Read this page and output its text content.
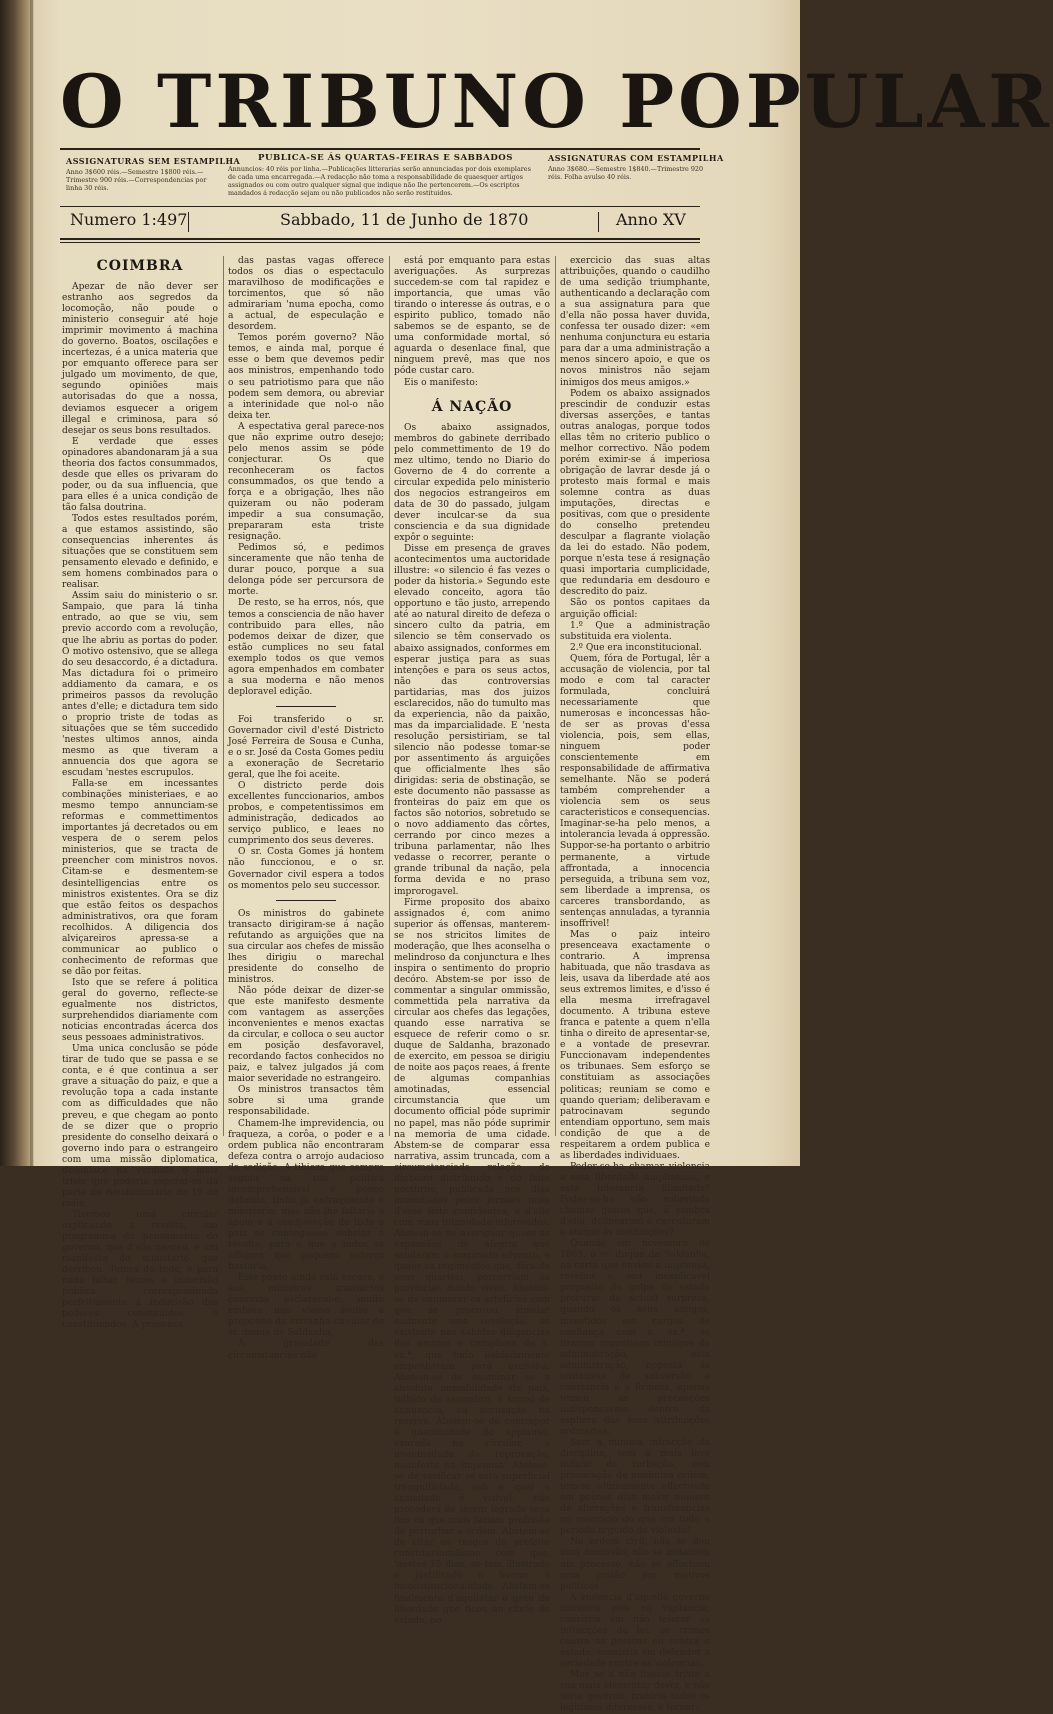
O TRIBUNO POPULAR
ASSIGNATURAS SEM ESTAMPILHA PUBLICA-SE ÁS QUARTAS-FEIRAS E SABBADOS	ASSIGNATURAS COM ESTAMPILHA
Anno 3$600 réis.—Semestre 1$800 réis.—Trimestre 900 réis.—Correspondencias por linha 30 réis.
Annuncios: 40 réis por linha.—Publicações litterarias serão annunciadas por dois exemplares de cada uma encarregada.—A redacção não toma a responsabilidade de quaesquer artigos assignados ou com outro qualquer signal que indique não lhe pertencerem.—Os escriptos mandados á redacção sejam ou não publicados não serão restituidos.
Anno 3$680.—Semestre 1$840.—Trimestre 920 réis. Folha avulso 40 réis.
Numero 1:497	Sabbado, 11 de Junho de 1870	Anno XV

COIMBRA

Apezar de não dever ser estranho aos segredos da locomoção, não poude o ministerio conseguir até hoje imprimir movimento á machina do governo. Boatos, oscilações e incertezas, é a unica materia que por emquanto offerece para ser julgado um movimento, de que, segundo opiniões mais autorisadas do que a nossa, deviamos esquecer a origem illegal e criminosa, para só desejar os seus bons resultados.

E verdade que esses opinadores abandonaram já a sua theoria dos factos consummados, desde que elles os privaram do poder, ou da sua influencia, que para elles é a unica condição de tão falsa doutrina.

Todos estes resultados porém, a que estamos assistindo, são consequencias inherentes ás situações que se constituem sem pensamento elevado e definido, e sem homens combinados para o realisar.

Assim saiu do ministerio o sr. Sampaio, que para lá tinha entrado, ao que se viu, sem previo accordo com a revolução, que lhe abriu as portas do poder. O motivo ostensivo, que se allega do seu desaccordo, é a dictadura. Mas dictadura foi o primeiro addiamento da camara, e os primeiros passos da revolução antes d'elle; e dictadura tem sido o proprio triste de todas as situações que se têm succedido 'nestes ultimos annos, ainda mesmo as que tiveram a annuencia dos que agora se escudam 'nestes escrupulos.

Falla-se em incessantes combinações ministeriaes, e ao mesmo tempo annunciam-se reformas e commettimentos importantes já decretados ou em vespera de o serem pelos ministerios, que se tracta de preencher com ministros novos. Citam-se e desmentem-se desintelligencias entre os ministros existentes. Ora se diz que estão feitos os despachos administrativos, ora que foram recolhidos. A diligencia dos alviçareiros apressa-se a communicar ao publico o conhecimento de reformas que se dão por feitas.

Isto que se refere á politica geral do governo, reflecte-se egualmente nos districtos, surprehendidos diariamente com noticias encontradas ácerca dos seus pessoaes administrativos.

Uma unica conclusão se póde tirar de tudo que se passa e se conta, e é que continua a ser grave a situação do paiz, e que a revolução topa a cada instante com as difficuldades que não preveu, e que chegam ao ponto de se dizer que o proprio presidente do conselho deixará o governo indo para o estrangeiro com uma missão diplomatica, desenlace na verdade o mais triste que poderia esperar-se da parte do revolucionario de 19 de maio.

Tivemos uma circular explicando a revolta, um programma do pensamento do governo, que d'ella nasceu, e um manifesto do ministerio que derribou. Temos de tudo, e para nada faltar, temos a indecisão publica correspondendo perfeitamente á indecisão dos poderes constituidos e constituendos. A presença

das pastas vagas offerece todos os dias o espectaculo maravilhoso de modificações e torcimentos, que só não admirariam 'numa epocha, como a actual, de especulação e desordem.

Temos porém governo? Não temos, e ainda mal, porque é esse o bem que devemos pedir aos ministros, empenhando todo o seu patriotismo para que não podem sem demora, ou abreviar a interinidade que nol-o não deixa ter.

A espectativa geral parece-nos que não exprime outro desejo; pelo menos assim se póde conjecturar. Os que reconheceram os factos consummados, os que tendo a força e a obrigação, lhes não quizeram ou não poderam impedir a sua consumação, prepararam esta triste resignação.

Pedimos só, e pedimos sinceramente que não tenha de durar pouco, porque a sua delonga póde ser percursora de morte.

De resto, se ha erros, nós, que temos a consciencia de não haver contribuido para elles, não podemos deixar de dizer, que estão cumplices no seu fatal exemplo todos os que vemos agora empenhados em combater a sua moderna e não menos deploravel edição.

Foi transferido o sr. Governador civil d'esté Districto José Ferreira de Sousa e Cunha, e o sr. José da Costa Gomes pediu a exoneração de Secretario geral, que lhe foi aceite.

O districto perde dois excellentes funccionarios, ambos probos, e competentissimos em administração, dedicados ao serviço publico, e leaes no cumprimento dos seus deveres.

O sr. Costa Gomes já hontem não funccionou, e o sr. Governador civil espera a todos os momentos pelo seu successor.

Os ministros do gabinete transacto dirigiram-se á nação refutando as arguições que na sua circular aos chefes de missão lhes dirigiu o marechal presidente do conselho de ministros.

Não póde deixar de dizer-se que este manifesto desmente com vantagem as asserções inconvenientes e menos exactas da circular, e colloca o seu auctor em posição desfavoravel, recordando factos conhecidos no paiz, e talvez julgados já com maior severidade no estrangeiro.

Os ministros transactos têm sobre si uma grande responsabilidade.

Chamem-lhe imprevidencia, ou fraqueza, a corôa, o poder e a ordem publica não encontraram defeza contra o arrojo audacioso da sedição. A tibieza que sempre seguiu na sua politica incomprehensivel e pouco definida, tinha já enfraquecido o ministerio; mas não lhe faltaria o apoio e a coadjuvação de todo o paiz se conseguisse debelar a revolta, para o que a todos se affigura que pequeno esforço bastaria.

Este ponto ainda está escuro, e aos ministros transactos convinha esclarecel-o, muito embora nao viesse muito a proposito da extranha circular do sr. duque de Saldanha.

A gravidade das circumstancias não

está por emquanto para estas averiguações. As surprezas succedem-se com tal rapidez e importancia, que umas vão tirando o interesse ás outras, e o espirito publico, tomado não sabemos se de espanto, se de uma conformidade mortal, só aguarda o desenlace final, que ninguem prevê, mas que nos póde custar caro.

Eis o manifesto:

Á NAÇÃO

Os abaixo assignados, membros do gabinete derribado pelo commettimento de 19 do mez ultimo, tendo no Diario do Governo de 4 do corrente a circular expedida pelo ministerio dos negocios estrangeiros em data de 30 do passado, julgam dever inculcar-se da sua consciencia e da sua dignidade expôr o seguinte:

Disse em presença de graves acontecimentos uma auctoridade illustre: «o silencio é fas vezes o poder da historia.» Segundo este elevado conceito, agora tão opportuno e tão justo, arrependo até ao natural direito de defeza o sincero culto da patria, em silencio se têm conservado os abaixo assignados, conformes em esperar justiça para as suas intenções e para os seus actos, não das controversias partidarias, mas dos juizos esclarecidos, não do tumulto mas da experiencia, não da paixão, mas da imparcialidade. E 'nesta resolução persistiriam, se tal silencio não podesse tomar-se por assentimento ás arguições que officialmente lhes são dirigidas: seria de obstinação, se este documento não passasse as fronteiras do paiz em que os factos são notorios, sobretudo se o novo addiamento das côrtes, cerrando por cinco mezes a tribuna parlamentar, não lhes vedasse o recorrer, perante o grande tribunal da nação, pela forma devida e no praso improrogavel.

Firme proposito dos abaixo assignados é, com animo superior ás offensas, manterem-se nos stricitos limites de moderação, que lhes aconselha o melindroso da conjunctura e lhes inspira o sentimento do proprio decóro. Abstem-se por isso de commentar a singular ommissão, commettida pela narrativa da circular aos chefes das legações, quando esse narrativa se esquece de referir como o sr. duque de Saldanha, brazonado de exercito, em pessoa se dirigiu de noite aos paços reaes, á frente de algumas companhias amotinadas, essencial circumstancia que um documento official póde suprimir no papel, mas não póde suprimir na memoria de uma cidade. Abstem-se de comparar essa narrativa, assim truncada, com a circumstanciada relação do dinheiro distribuido e do feito nocturno, publicada nos dias immediatos pelos jornaes mais d'esse feito confidentes, e d'elle com mais intimidade informados. Abstem-se de averiguar quaes as expansões de alegria que saudaram o suspirado advento, e quaes os regimentos que, fóra de seus quarteis, percorriam as provincias dando vivas. Abstem-se de enumerar os artefícios com que se procurou simular eminente uma revolução, só existente nas sabidas diligencias dos amigos e cumplices de s. ex.ª, que tudo baldadamente empenharam para excital-a. Abstem-se de examinar se a absoluta immobilidade do paiz, tolhido de assombro, é signal de annuencia, ou accusação na reserva. Abstem-se de contrapor á unanimidade do applauso, exarada na circular, a unanimidade da reprovação, manifesta na imprensa. Abstem-se de verificar se esta superficial tranquillidade, sob a qual a ansiedade é visivel, não procederá de terem logrado seus fins os que mais faziam profissão de perturbar a ordem. Abstem-se de citar os rasgos de prefeito constitucionalismo com que, 'nestes 15 dias, se tem illustrado e justificado o horror á inconstitucionalidade. Abstem-se finalmente d'aquilatar o grau de liberdade que ficou ao chefe do estado, no

exercicio das suas altas attribuições, quando o caudilho de uma sedição triumphante, authenticando a declaração com a sua assignatura para que d'ella não possa haver duvida, confessa ter ousado dizer: «em nenhuma conjunctura eu estaria para dar a uma administração a menos sincero apoio, e que os novos ministros não sejam inimigos dos meus amigos.»

Podem os abaixo assignados prescindir de conduzir estas diversas asserções, e tantas outras analogas, porque todos ellas têm no criterio publico o melhor correctivo. Não podem porém eximir-se á imperiosa obrigação de lavrar desde já o protesto mais formal e mais solemne contra as duas imputações, directas e positivas, com que o presidente do conselho pretendeu desculpar a flagrante violação da lei do estado. Não podem, porque n'esta tese á resignação quasi importaria cumplicidade, que redundaria em desdouro e descredito do paiz.

São os pontos capitaes da arguição official:

1.º Que a administração substituida era violenta.

2.º Que era inconstitucional.

Quem, fóra de Portugal, lêr a accusação de violencia, por tal modo e com tal caracter formulada, concluirá necessariamente que numerosas e inconcessas hão-de ser as provas d'essa violencia, pois, sem ellas, ninguem poder conscientemente em responsabilidade de affirmativa semelhante. Não se poderá também comprehender a violencia sem os seus caracteristicos e consequencias. Imaginar-se-ha pelo menos, a intolerancia levada á oppressão. Suppor-se-ha portanto o arbitrio permanente, a virtude affrontada, a innocencia perseguida, a tribuna sem voz, sem liberdade a imprensa, os carceres transbordando, as sentenças annuladas, a tyrannia insoffrivel!

Mas o paiz inteiro presenceava exactamente o contrario. A imprensa habituada, que não trasdava as leis, usava da liberdade até aos seus extremos limites, e d'isso é ella mesma irrefragavel documento. A tribuna esteve franca e patente a quem n'ella tinha o direito de apresentar-se, e a vontade de presevrar. Funccionavam independentes os tribunaes. Sem esforço se constituiam as associações politicas; reuniam se como e quando queriam; deliberavam e patrocinavam segundo entendiam opportuno, sem mais condição de que a de respeitarem a ordem publica e as liberdades individuaes.

Poder-se-ha chamar violencia a esta liberdade amplissima, e esta tolerancia illimitada? Poder-se-ha não sobretudo chamar gestes que, á sombra d'ella, delinearam e executaram o ataque ás instituições?

Quando em novembro de 1869, o sr. duque de Saldanha, na carta que enviou á imprensa, revelou o seu inexplicavel proposito do golpe de estado procurar da actual surpreza, quando os seus amigos, investidos em cargos de confiança com s. ex.ª, se tiraram repentinos inimigos da administração, esta administração, opposta ás tentativas de subversão a constancia e a firmeza, apenas tomou as precauções indispensaveis dentro da esphera das suas attribuições ordinarias.

Sem a minima infracção da disciplina, sem o mais leve indicio de turbação, sem provocação de nenhuma ordem, tem-se ultimamente effectuado em poucos dias maior numero de alterações e transferencias no exercicio do que em todo o periodo arguido de violento!

Na ordem civil, não se deu uma demissão, não se instaurou um processo, não se effectuou uma prisão por motivos politicos.

A violencia d'aquelle governo consistia pois na vigilancia; consistia em não tolerar as infracções da lei, os crimes contra as pessoas ou contra o estado; consistia em defender a sociedade contra as violencias.

Mas se a não fizesse triste a sua mais elementar dever, e não seria governo; trahiria todos os legitimos interesses, e tornar-
